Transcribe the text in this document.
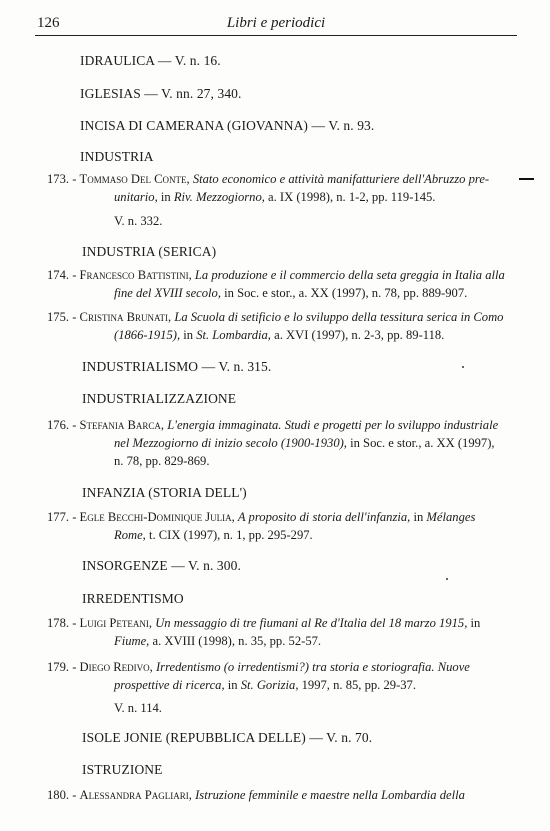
126	Libri e periodici
IDRAULICA — V. n. 16.
IGLESIAS — V. nn. 27, 340.
INCISA DI CAMERANA (GIOVANNA) — V. n. 93.
INDUSTRIA
173. - Tommaso Del Conte, Stato economico e attività manifatturiere dell'Abruzzo pre-
unitario, in Riv. Mezzogiorno, a. IX (1998), n. 1-2, pp. 119-145.
V. n. 332.
INDUSTRIA (SERICA)
174. - Francesco Battistini, La produzione e il commercio della seta greggia in Italia alla
fine del XVIII secolo, in Soc. e stor., a. XX (1997), n. 78, pp. 889-907.
175. - Cristina Brunati, La Scuola di setificio e lo sviluppo della tessitura serica in Como
(1866-1915), in St. Lombardia, a. XVI (1997), n. 2-3, pp. 89-118.
INDUSTRIALISMO — V. n. 315.
INDUSTRIALIZZAZIONE
176. - Stefania Barca, L'energia immaginata. Studi e progetti per lo sviluppo industriale
nel Mezzogiorno di inizio secolo (1900-1930), in Soc. e stor., a. XX (1997),
n. 78, pp. 829-869.
INFANZIA (STORIA DELL')
177. - Egle Becchi-Dominique Julia, A proposito di storia dell'infanzia, in Mélanges
Rome, t. CIX (1997), n. 1, pp. 295-297.
INSORGENZE — V. n. 300.
IRREDENTISMO
178. - Luigi Peteani, Un messaggio di tre fiumani al Re d'Italia del 18 marzo 1915, in
Fiume, a. XVIII (1998), n. 35, pp. 52-57.
179. - Diego Redivo, Irredentismo (o irredentismi?) tra storia e storiografia. Nuove
prospettive di ricerca, in St. Gorizia, 1997, n. 85, pp. 29-37.
V. n. 114.
ISOLE JONIE (REPUBBLICA DELLE) — V. n. 70.
ISTRUZIONE
180. - Alessandra Pagliari, Istruzione femminile e maestre nella Lombardia della
